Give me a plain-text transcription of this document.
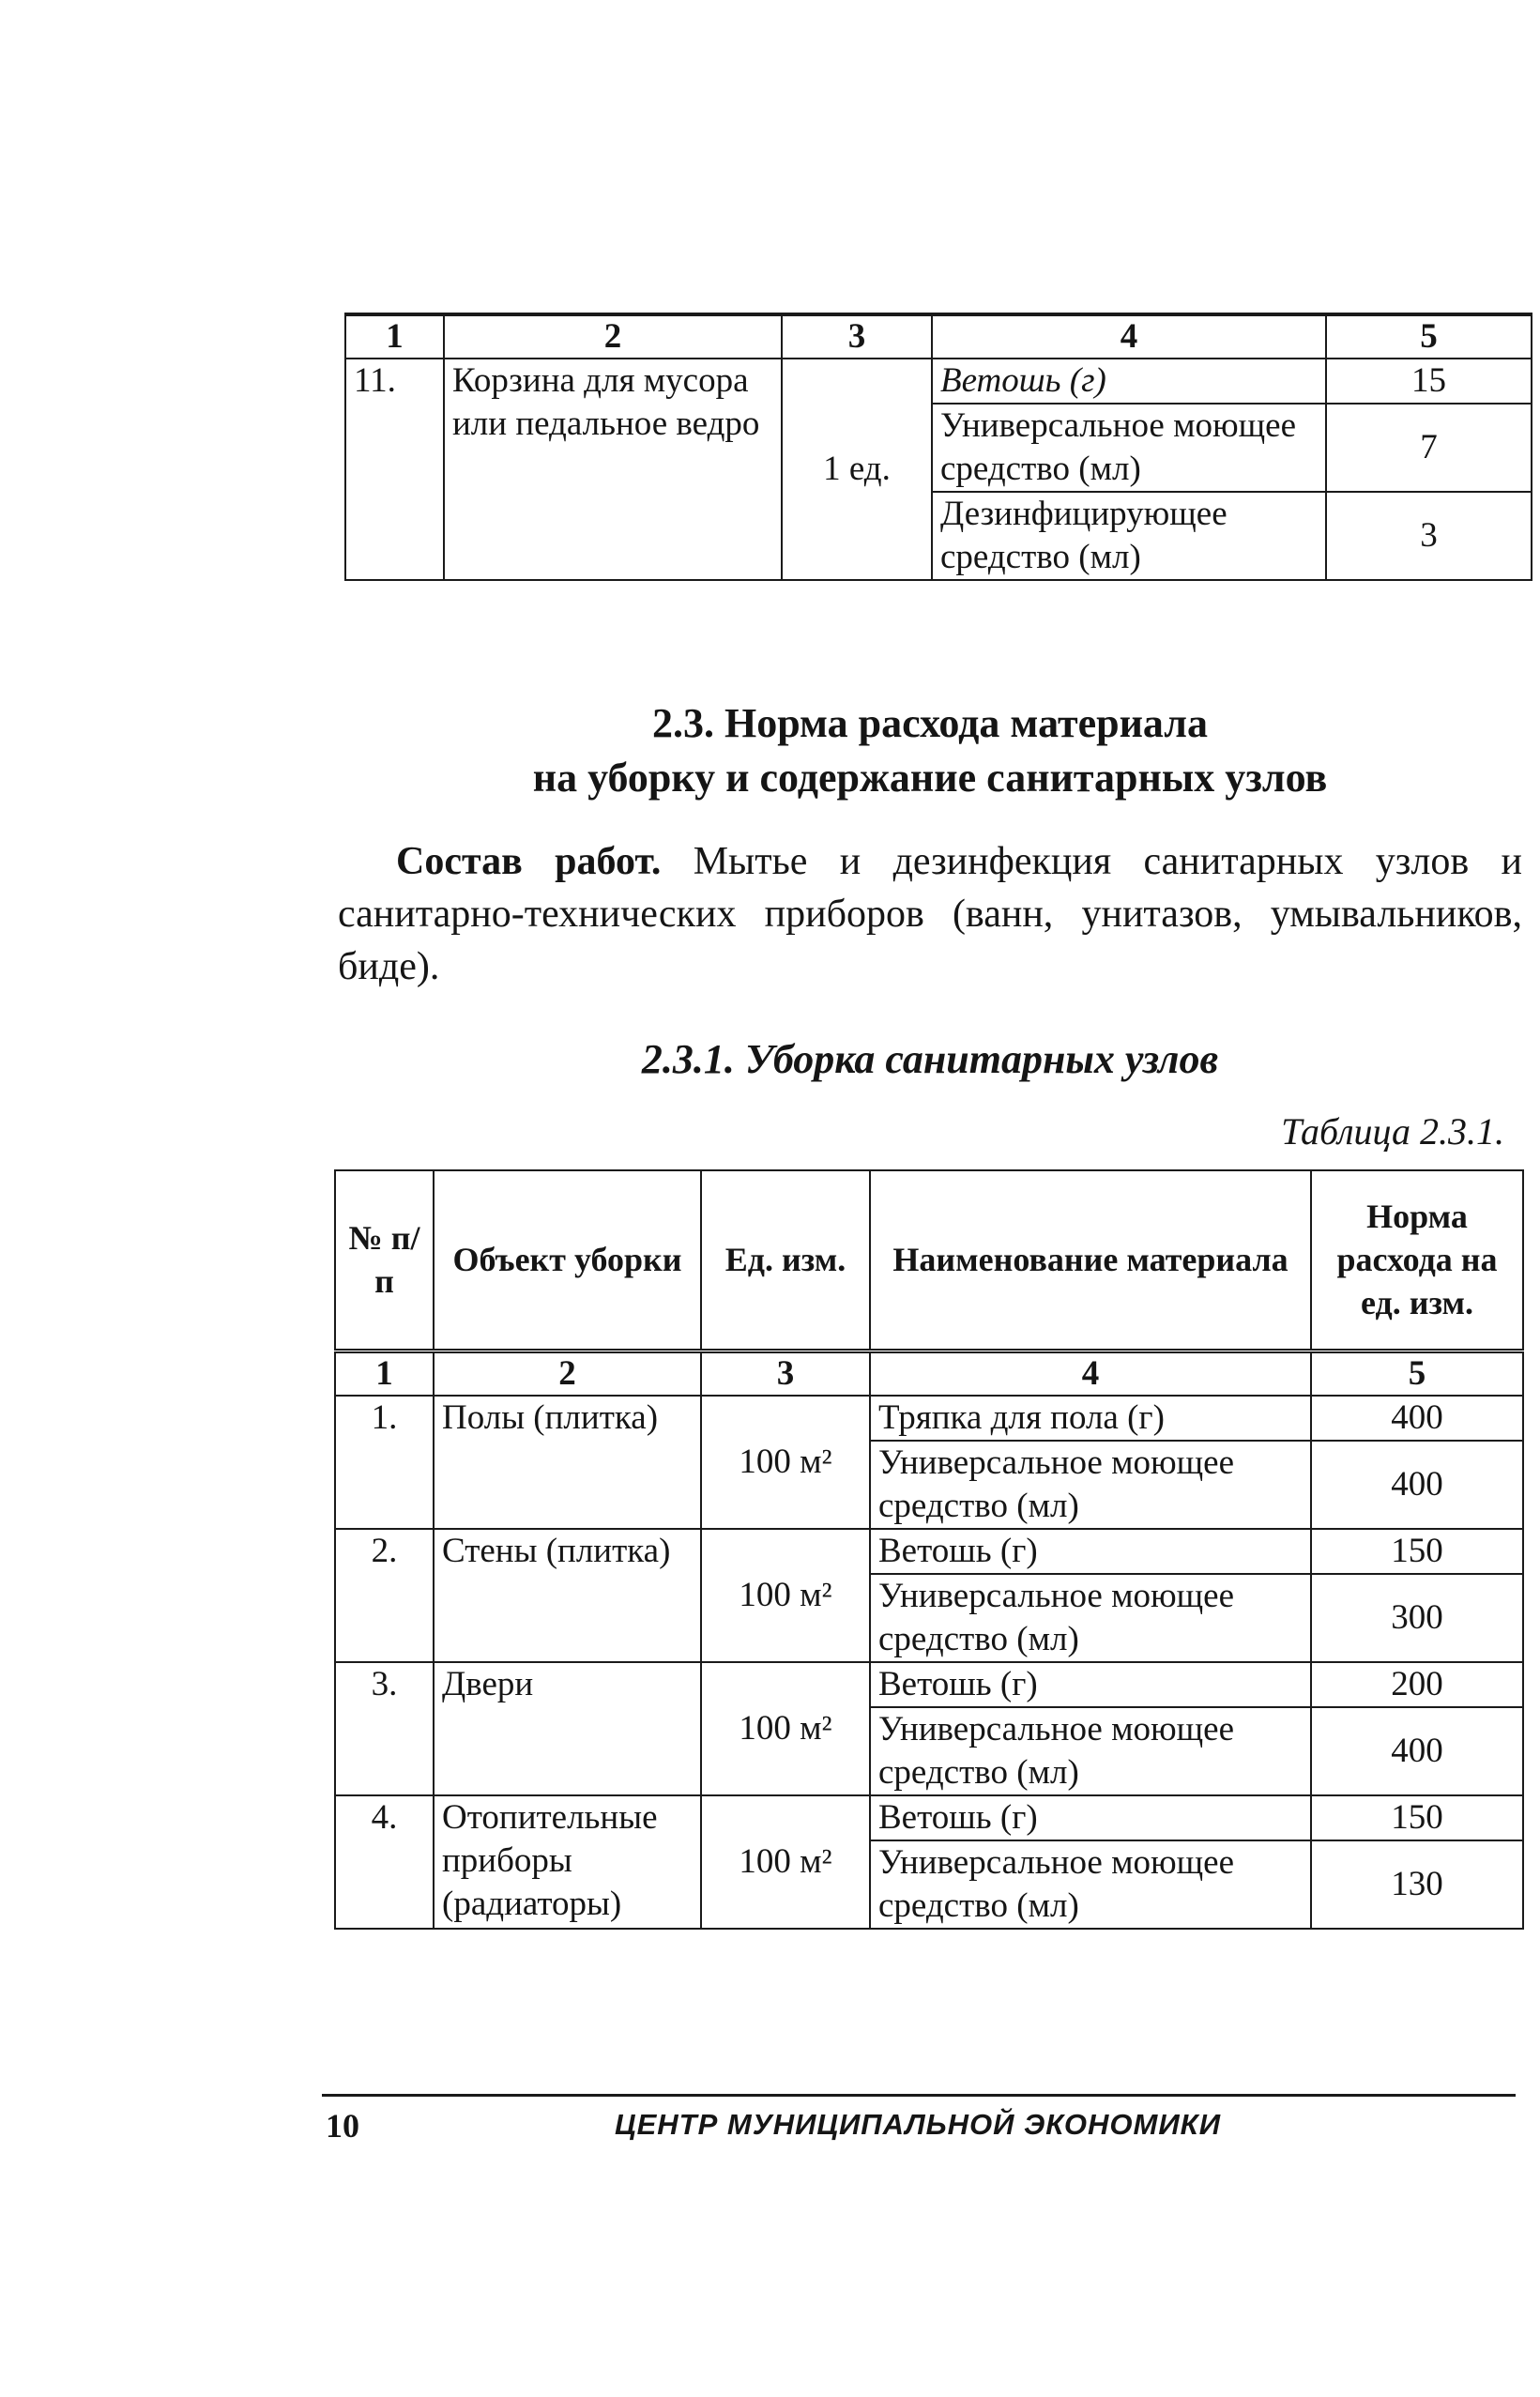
1	2	3	4	5
11.	Корзина для мусора или педальное ведро	1 ед.	Ветошь (г)	15
			Универсальное моющее средство (мл)	7
			Дезинфицирующее средство (мл)	3
2.3. Норма расхода материала
на уборку и содержание санитарных узлов
Состав работ. Мытье и дезинфекция санитарных узлов и санитарно-технических приборов (ванн, унитазов, умывальников, биде).
2.3.1. Уборка санитарных узлов
Таблица 2.3.1.
№ п/п	Объект уборки	Ед. изм.	Наименование материала	Норма расхода на ед. изм.
1	2	3	4	5
1.	Полы (плитка)	100 м²	Тряпка для пола (г)	400
			Универсальное моющее средство (мл)	400
2.	Стены (плитка)	100 м²	Ветошь (г)	150
			Универсальное моющее средство (мл)	300
3.	Двери	100 м²	Ветошь (г)	200
			Универсальное моющее средство (мл)	400
4.	Отопительные приборы (радиаторы)	100 м²	Ветошь (г)	150
			Универсальное моющее средство (мл)	130
10	ЦЕНТР МУНИЦИПАЛЬНОЙ ЭКОНОМИКИ
